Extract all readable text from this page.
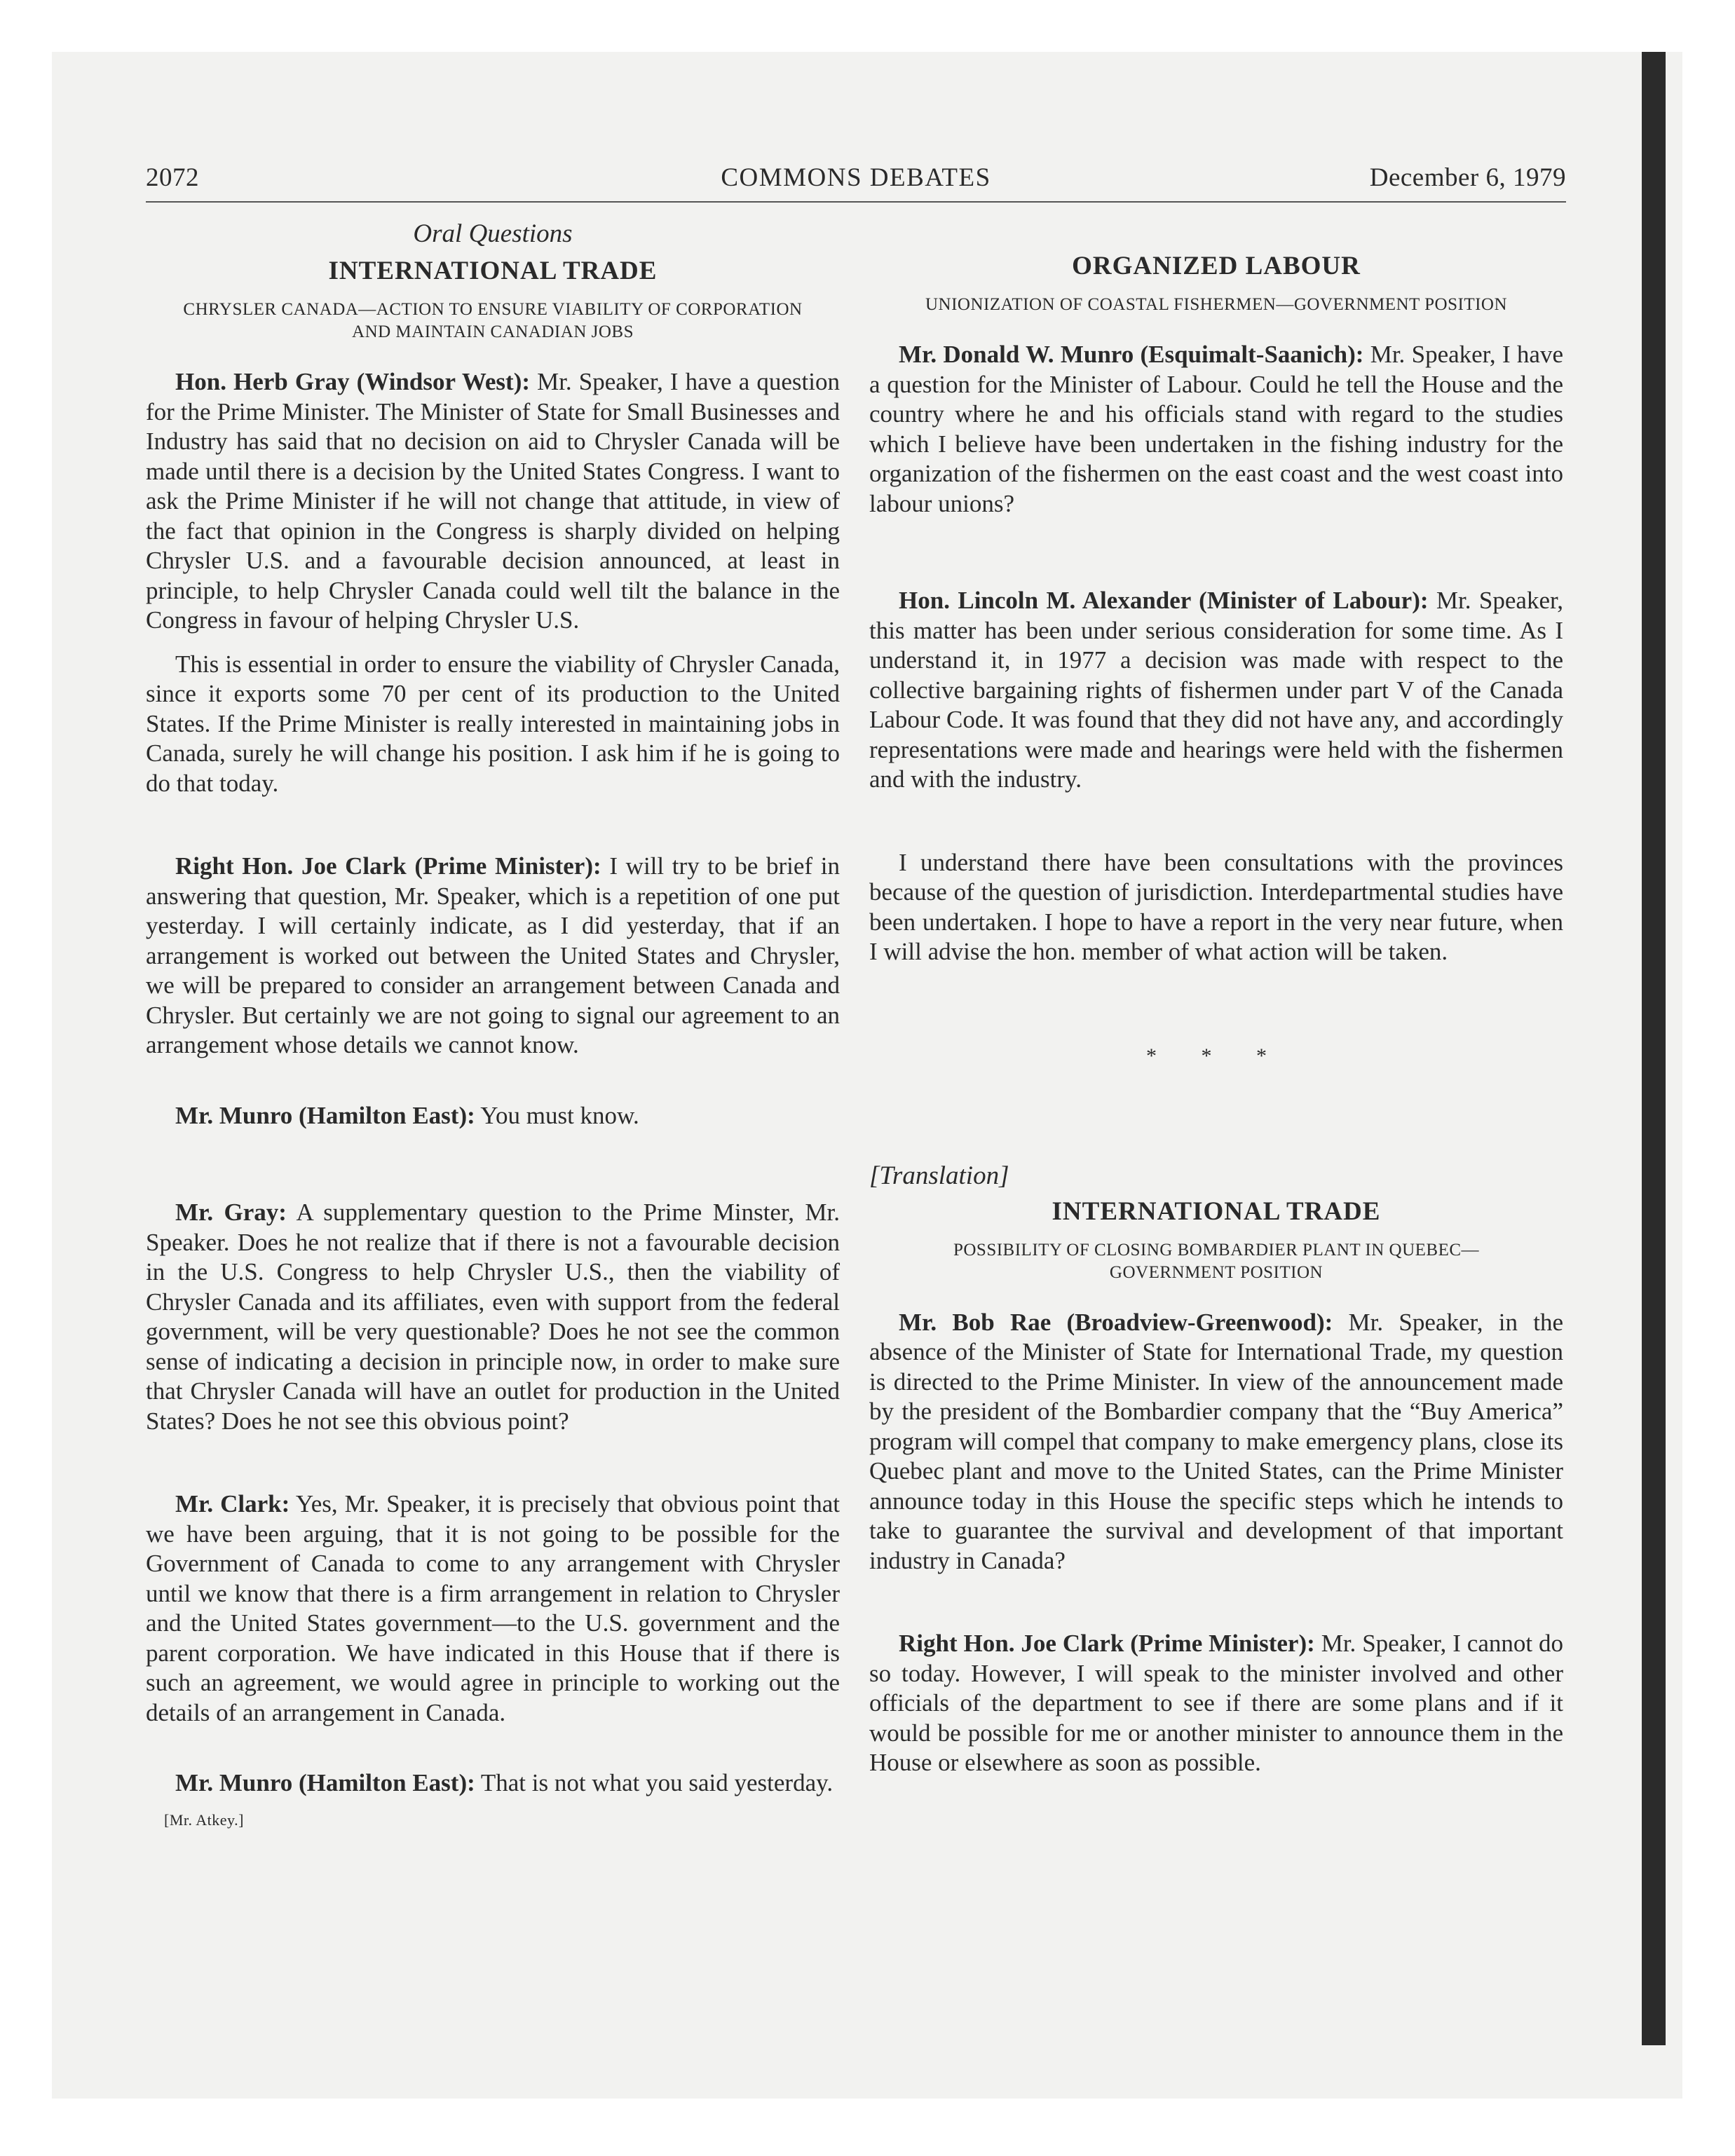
2072	COMMONS DEBATES	December 6, 1979

Oral Questions

INTERNATIONAL TRADE

CHRYSLER CANADA—ACTION TO ENSURE VIABILITY OF CORPORATION AND MAINTAIN CANADIAN JOBS

Hon. Herb Gray (Windsor West): Mr. Speaker, I have a question for the Prime Minister. The Minister of State for Small Businesses and Industry has said that no decision on aid to Chrysler Canada will be made until there is a decision by the United States Congress. I want to ask the Prime Minister if he will not change that attitude, in view of the fact that opinion in the Congress is sharply divided on helping Chrysler U.S. and a favourable decision announced, at least in principle, to help Chrysler Canada could well tilt the balance in the Congress in favour of helping Chrysler U.S.

This is essential in order to ensure the viability of Chrysler Canada, since it exports some 70 per cent of its production to the United States. If the Prime Minister is really interested in maintaining jobs in Canada, surely he will change his position. I ask him if he is going to do that today.

Right Hon. Joe Clark (Prime Minister): I will try to be brief in answering that question, Mr. Speaker, which is a repetition of one put yesterday. I will certainly indicate, as I did yesterday, that if an arrangement is worked out between the United States and Chrysler, we will be prepared to consider an arrangement between Canada and Chrysler. But certainly we are not going to signal our agreement to an arrangement whose details we cannot know.

Mr. Munro (Hamilton East): You must know.

Mr. Gray: A supplementary question to the Prime Minster, Mr. Speaker. Does he not realize that if there is not a favourable decision in the U.S. Congress to help Chrysler U.S., then the viability of Chrysler Canada and its affiliates, even with support from the federal government, will be very questionable? Does he not see the common sense of indicating a decision in principle now, in order to make sure that Chrysler Canada will have an outlet for production in the United States? Does he not see this obvious point?

Mr. Clark: Yes, Mr. Speaker, it is precisely that obvious point that we have been arguing, that it is not going to be possible for the Government of Canada to come to any arrangement with Chrysler until we know that there is a firm arrangement in relation to Chrysler and the United States government—to the U.S. government and the parent corporation. We have indicated in this House that if there is such an agreement, we would agree in principle to working out the details of an arrangement in Canada.

Mr. Munro (Hamilton East): That is not what you said yesterday.

[Mr. Atkey.]

ORGANIZED LABOUR

UNIONIZATION OF COASTAL FISHERMEN—GOVERNMENT POSITION

Mr. Donald W. Munro (Esquimalt-Saanich): Mr. Speaker, I have a question for the Minister of Labour. Could he tell the House and the country where he and his officials stand with regard to the studies which I believe have been undertaken in the fishing industry for the organization of the fishermen on the east coast and the west coast into labour unions?

Hon. Lincoln M. Alexander (Minister of Labour): Mr. Speaker, this matter has been under serious consideration for some time. As I understand it, in 1977 a decision was made with respect to the collective bargaining rights of fishermen under part V of the Canada Labour Code. It was found that they did not have any, and accordingly representations were made and hearings were held with the fishermen and with the industry.

I understand there have been consultations with the provinces because of the question of jurisdiction. Interdepartmental studies have been undertaken. I hope to have a report in the very near future, when I will advise the hon. member of what action will be taken.

* * *

[Translation]

INTERNATIONAL TRADE

POSSIBILITY OF CLOSING BOMBARDIER PLANT IN QUEBEC—GOVERNMENT POSITION

Mr. Bob Rae (Broadview-Greenwood): Mr. Speaker, in the absence of the Minister of State for International Trade, my question is directed to the Prime Minister. In view of the announcement made by the president of the Bombardier company that the “Buy America” program will compel that company to make emergency plans, close its Quebec plant and move to the United States, can the Prime Minister announce today in this House the specific steps which he intends to take to guarantee the survival and development of that important industry in Canada?

Right Hon. Joe Clark (Prime Minister): Mr. Speaker, I cannot do so today. However, I will speak to the minister involved and other officials of the department to see if there are some plans and if it would be possible for me or another minister to announce them in the House or elsewhere as soon as possible.
